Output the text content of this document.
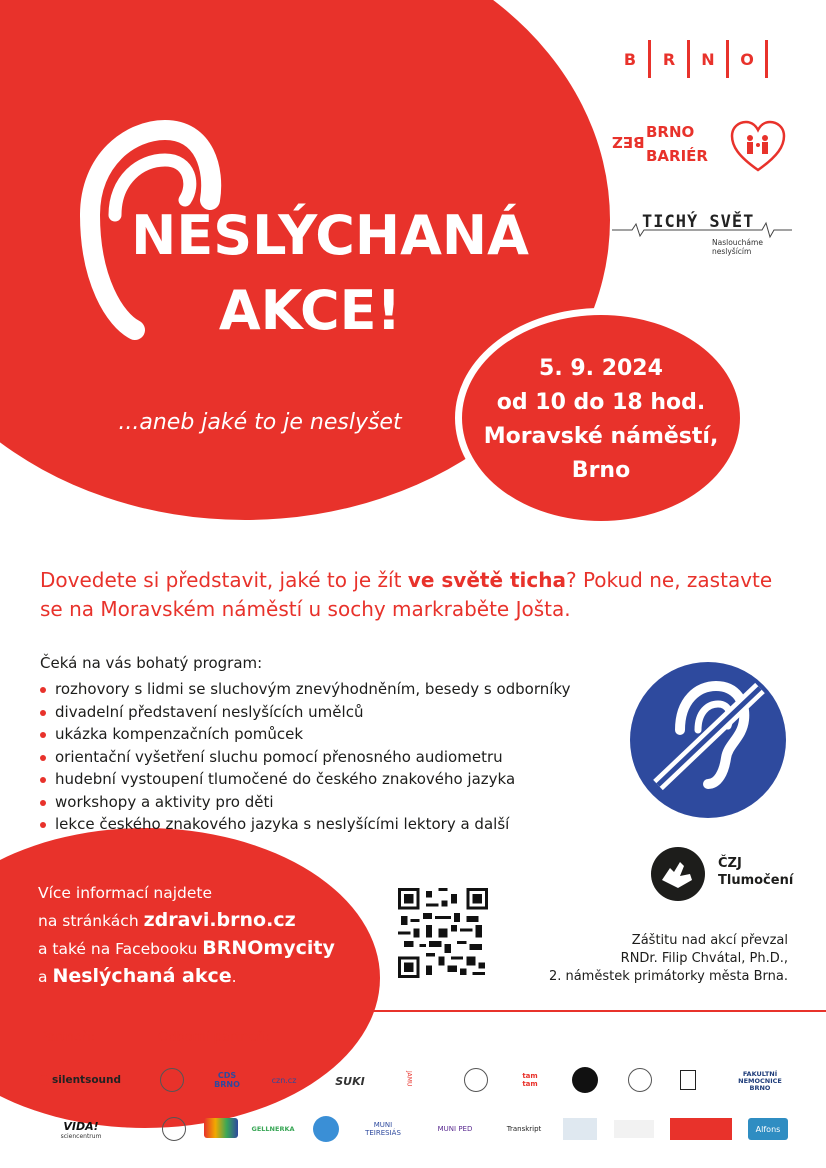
NESLÝCHANÁ
AKCE!
...aneb jaké to je neslyšet
5. 9. 2024
od 10 do 18 hod.
Moravské náměstí,
Brno
B	R	N	O
BEZ
BRNO
BARIÉR
TICHÝ SVĚT
Nasloucháme neslyšícím
Dovedete si představit, jaké to je žít ve světě ticha? Pokud ne, zastavte se na Moravském náměstí u sochy markraběte Jošta.
Čeká na vás bohatý program:
rozhovory s lidmi se sluchovým znevýhodněním, besedy s odborníky
divadelní představení neslyšících umělců
ukázka kompenzačních pomůcek
orientační vyšetření sluchu pomocí přenosného audiometru
hudební vystoupení tlumočené do českého znakového jazyka
workshopy a aktivity pro děti
lekce českého znakového jazyka s neslyšícími lektory a další
ČZJ
Tlumočení
Více informací najdete
na stránkách zdravi.brno.cz
a také na Facebooku BRNOmycity
a Neslýchaná akce.
Záštitu nad akcí převzal
RNDr. Filip Chvátal, Ph.D.,
2. náměstek primátorky města Brna.
Partneři:	Odborní partneři:
silentsound	CDS BRNO	czn.cz	SUKI	JAMU	tam tam
FAKULTNÍ NEMOCNICE BRNO
VIDA!
sciencentrum
GELLNERKA	MUNI TEIRESIÁS	MUNI PED	Transkript	Alfons
